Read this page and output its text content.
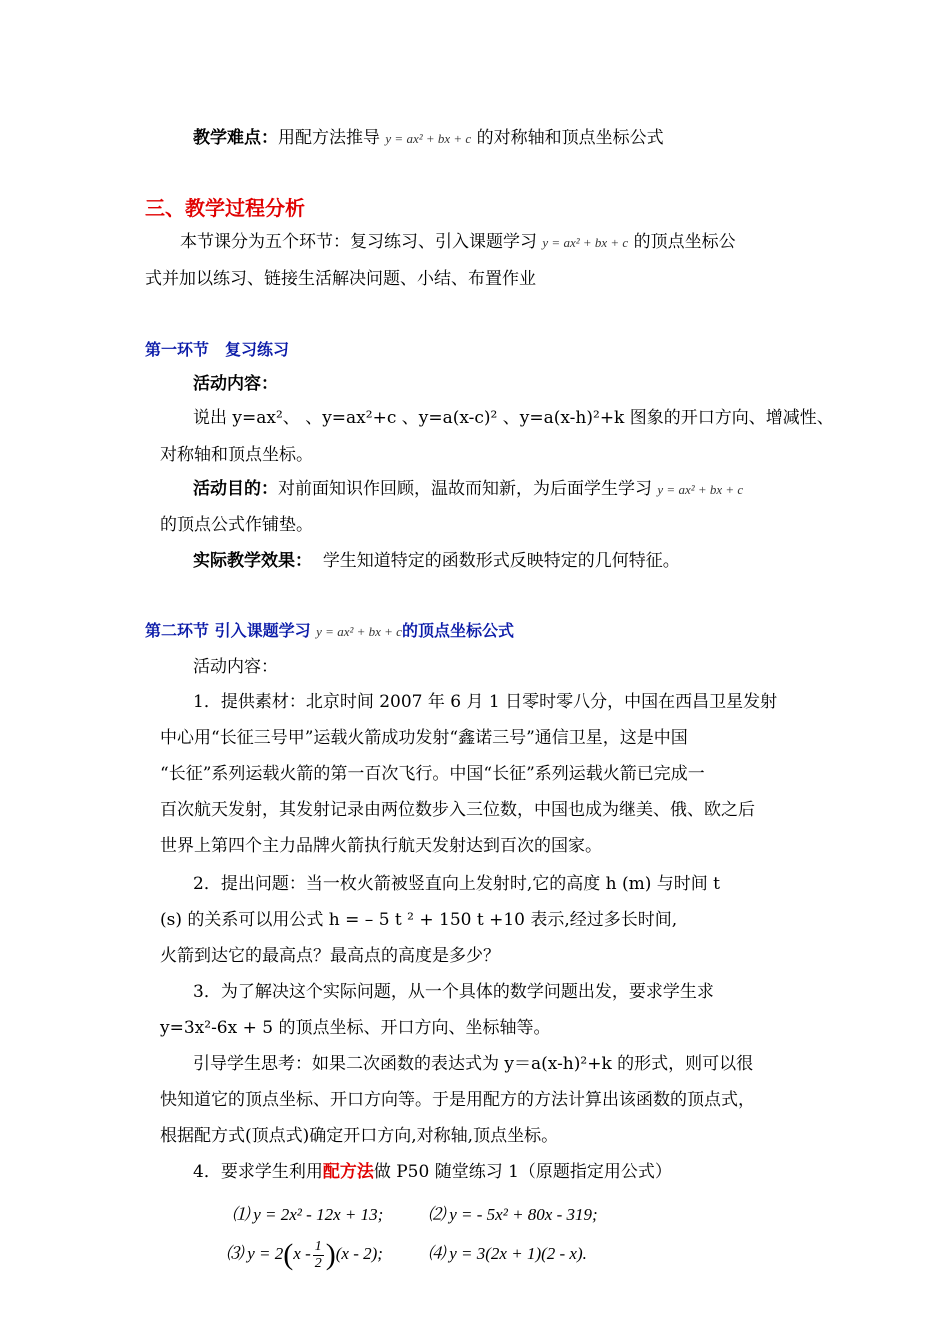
教学难点：用配方法推导 y = ax² + bx + c 的对称轴和顶点坐标公式
三、教学过程分析
本节课分为五个环节：复习练习、引入课题学习 y = ax² + bx + c 的顶点坐标公
式并加以练习、链接生活解决问题、小结、布置作业
第一环节　复习练习
活动内容：
说出 y=ax²、 、y=ax²+c 、y=a(x-c)² 、y=a(x-h)²+k 图象的开口方向、增减性、
对称轴和顶点坐标。
活动目的：对前面知识作回顾，温故而知新，为后面学生学习 y = ax² + bx + c
的顶点公式作铺垫。
实际教学效果： 学生知道特定的函数形式反映特定的几何特征。
第二环节 引入课题学习 y = ax² + bx + c的顶点坐标公式
活动内容：
1．提供素材：北京时间 2007 年 6 月 1 日零时零八分，中国在西昌卫星发射
中心用“长征三号甲”运载火箭成功发射“鑫诺三号”通信卫星，这是中国
“长征”系列运载火箭的第一百次飞行。中国“长征”系列运载火箭已完成一
百次航天发射，其发射记录由两位数步入三位数，中国也成为继美、俄、欧之后
世界上第四个主力品牌火箭执行航天发射达到百次的国家。
2．提出问题：当一枚火箭被竖直向上发射时,它的高度 h (m) 与时间 t
(s) 的关系可以用公式 h = – 5 t ² + 150 t +10 表示,经过多长时间,
火箭到达它的最高点？最高点的高度是多少？
3．为了解决这个实际问题，从一个具体的数学问题出发，要求学生求
y=3x²-6x + 5 的顶点坐标、开口方向、坐标轴等。
引导学生思考：如果二次函数的表达式为 y＝a(x-h)²+k 的形式，则可以很
快知道它的顶点坐标、开口方向等。于是用配方的方法计算出该函数的顶点式，
根据配方式(顶点式)确定开口方向,对称轴,顶点坐标。
4．要求学生利用配方法做 P50 随堂练习 1（原题指定用公式）
⑴ y = 2x² - 12x + 13;	⑵ y = - 5x² + 80x - 319;
⑶ $y = 2(x - \frac{1}{2} )(x - 2)$;	⑷ y = 3(2x + 1)(2 - x).
